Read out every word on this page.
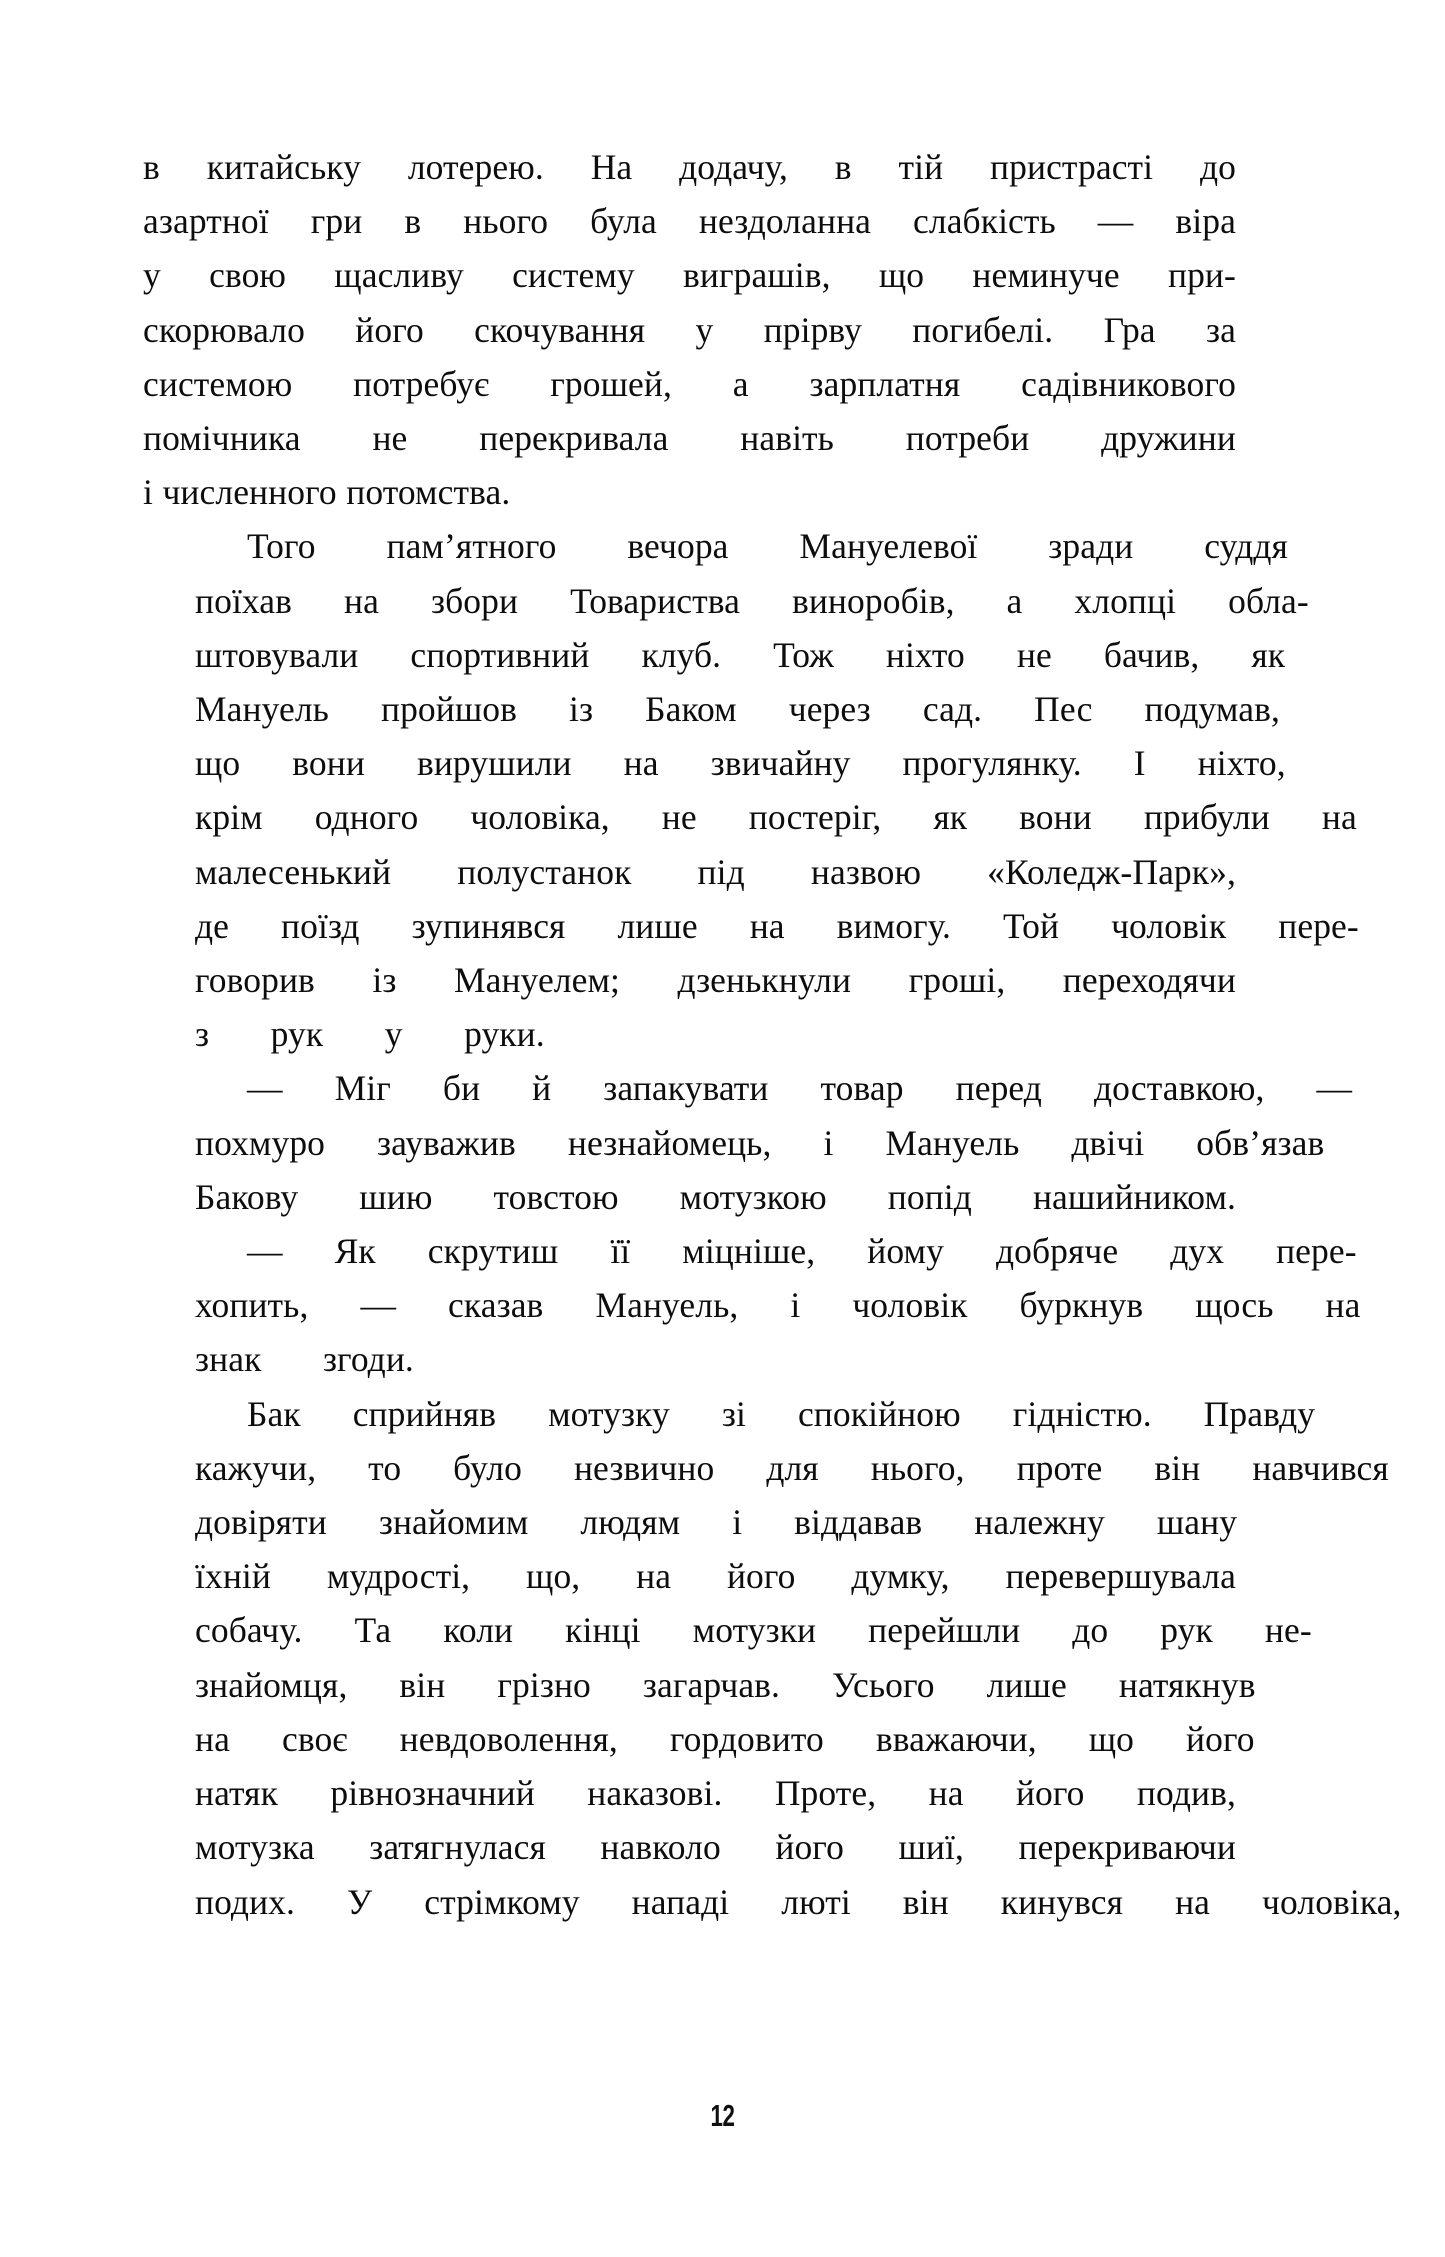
в китайську лотерею. На додачу, в тій пристрасті до
азартної гри в нього була нездоланна слабкість — віра
у свою щасливу систему виграшів, що неминуче при-
скорювало його скочування у прірву погибелі. Гра за
системою потребує грошей, а зарплатня садівникового
помічника не перекривала навіть потреби дружини
і численного потомства.

Того	пам’ятного	вечора	Мануелевої	зради	суддя
поїхав	на	збори	Товариства	виноробів,	а	хлопці	обла-
штовували	спортивний	клуб.	Тож	ніхто	не	бачив,	як
Мануель	пройшов	із	Баком	через	сад.	Пес	подумав,
що	вони	вирушили	на	звичайну	прогулянку.	І	ніхто,
крім	одного	чоловіка,	не	постеріг,	як	вони	прибули	на
малесенький	полустанок	під	назвою	«Коледж-Парк»,
де	поїзд	зупинявся	лише	на	вимогу.	Той	чоловік	пере-
говорив	із	Мануелем;	дзенькнули	гроші,	переходячи
з	рук	у	руки.

—	Міг	би	й	запакувати	товар	перед	доставкою,	—
похмуро	зауважив	незнайомець,	і	Мануель	двічі	обв’язав
Бакову	шию	товстою	мотузкою	попід	нашийником.

—	Як	скрутиш	її	міцніше,	йому	добряче	дух	пере-
хопить,	—	сказав	Мануель,	і	чоловік	буркнув	щось	на
знак	згоди.

Бак	сприйняв	мотузку	зі	спокійною	гідністю.	Правду
кажучи,	то	було	незвично	для	нього,	проте	він	навчився
довіряти	знайомим	людям	і	віддавав	належну	шану
їхній	мудрості,	що,	на	його	думку,	перевершувала
собачу.	Та	коли	кінці	мотузки	перейшли	до	рук	не-
знайомця,	він	грізно	загарчав.	Усього	лише	натякнув
на	своє	невдоволення,	гордовито	вважаючи,	що	його
натяк	рівнозначний	наказові.	Проте,	на	його	подив,
мотузка	затягнулася	навколо	його	шиї,	перекриваючи
подих.	У	стрімкому	нападі	люті	він	кинувся	на	чоловіка,

12
